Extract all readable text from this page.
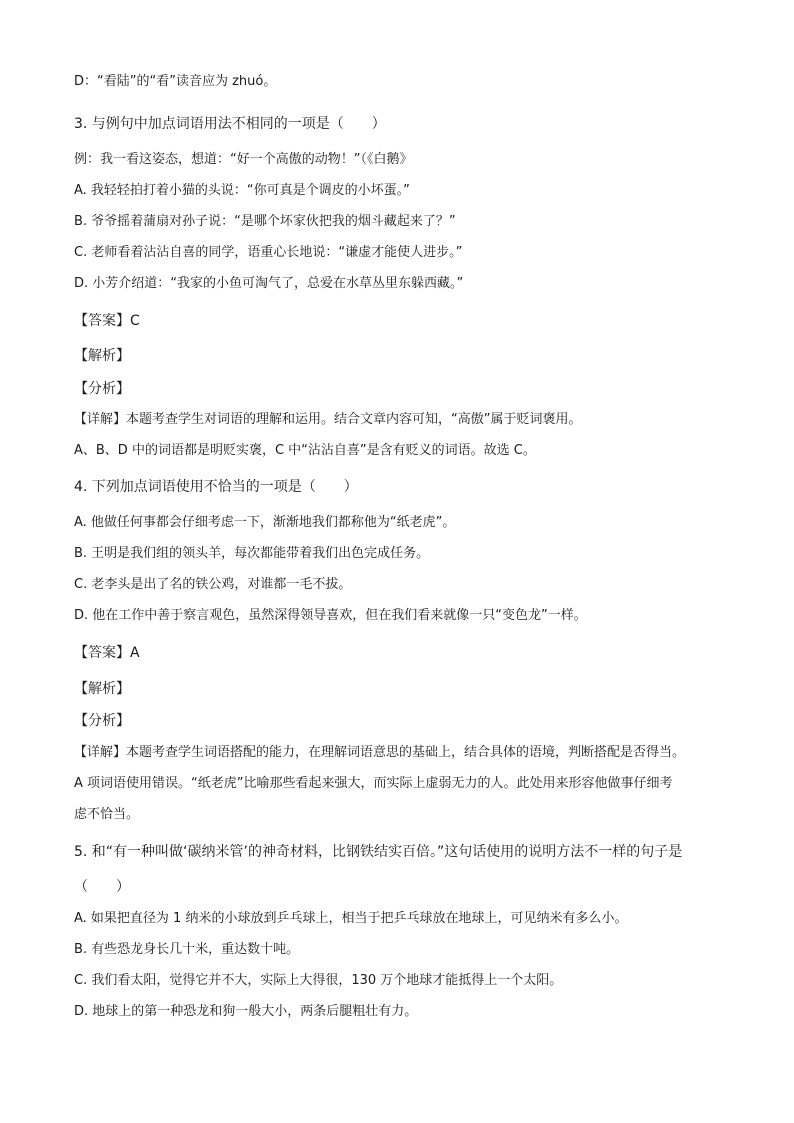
D：“看陆”的“看”读音应为 zhuó。
3. 与例句中加点词语用法不相同的一项是（　　）
例：我一看这姿态，想道：“好一个高傲的动物！”（《白鹅》
A. 我轻轻拍打着小猫的头说：“你可真是个调皮的小坏蛋。”
B. 爷爷摇着蒲扇对孙子说：“是哪个坏家伙把我的烟斗藏起来了？”
C. 老师看着沾沾自喜的同学，语重心长地说：“谦虚才能使人进步。”
D. 小芳介绍道：“我家的小鱼可淘气了，总爱在水草丛里东躲西藏。”
【答案】C
【解析】
【分析】
【详解】本题考查学生对词语的理解和运用。结合文章内容可知，“高傲”属于贬词褒用。
A、B、D 中的词语都是明贬实褒，C 中“沾沾自喜”是含有贬义的词语。故选 C。
4. 下列加点词语使用不恰当的一项是（　　）
A. 他做任何事都会仔细考虑一下，渐渐地我们都称他为“纸老虎”。
B. 王明是我们组的领头羊，每次都能带着我们出色完成任务。
C. 老李头是出了名的铁公鸡，对谁都一毛不拔。
D. 他在工作中善于察言观色，虽然深得领导喜欢，但在我们看来就像一只“变色龙”一样。
【答案】A
【解析】
【分析】
【详解】本题考查学生词语搭配的能力，在理解词语意思的基础上，结合具体的语境，判断搭配是否得当。
A 项词语使用错误。“纸老虎”比喻那些看起来强大，而实际上虚弱无力的人。此处用来形容他做事仔细考
虑不恰当。
5. 和“有一种叫做‘碳纳米管’的神奇材料，比钢铁结实百倍。”这句话使用的说明方法不一样的句子是
（　　）
A. 如果把直径为 1 纳米的小球放到乒乓球上，相当于把乒乓球放在地球上，可见纳米有多么小。
B. 有些恐龙身长几十米，重达数十吨。
C. 我们看太阳，觉得它并不大，实际上大得很，130 万个地球才能抵得上一个太阳。
D. 地球上的第一种恐龙和狗一般大小，两条后腿粗壮有力。
